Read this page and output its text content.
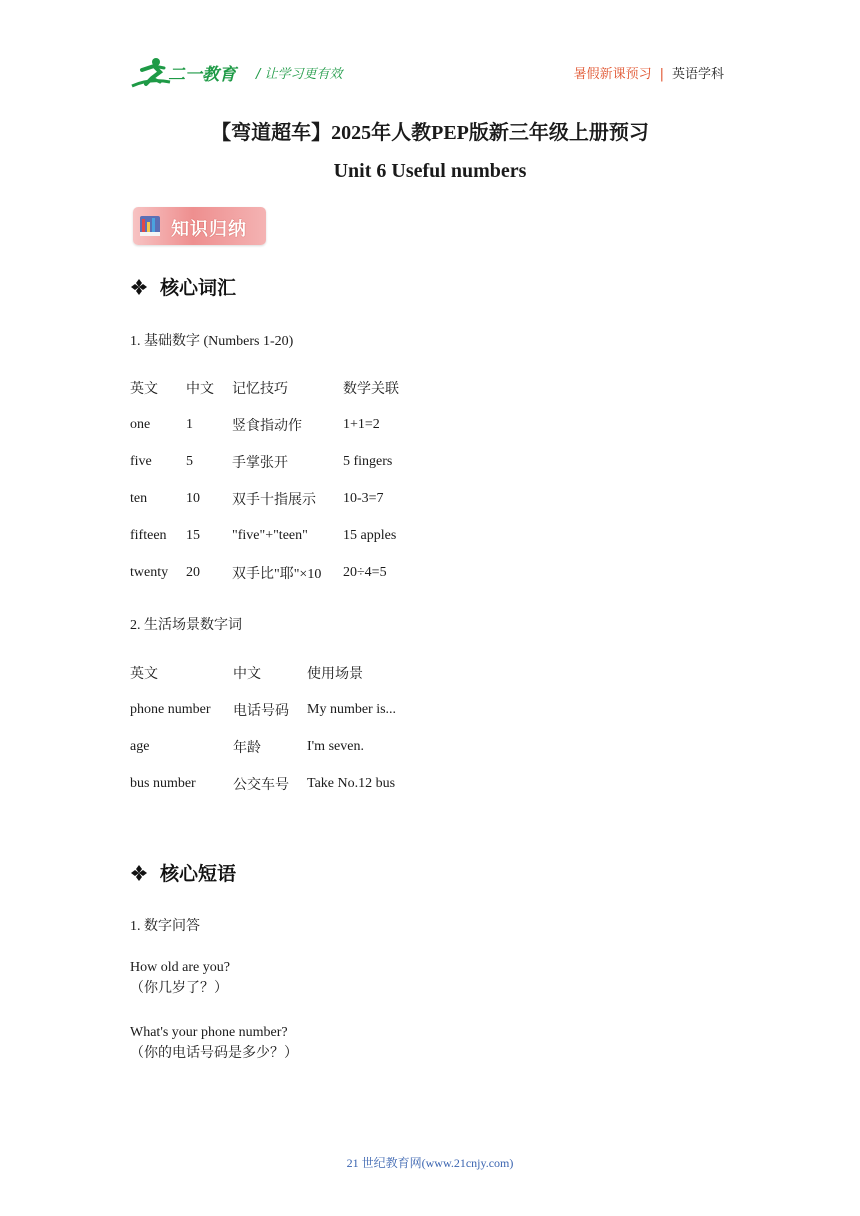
二一教育 / 让学习更有效	暑假新课预习 | 英语学科
【弯道超车】2025年人教PEP版新三年级上册预习
Unit 6 Useful numbers
知识归纳
核心词汇
1. 基础数字 (Numbers 1-20)
英文	中文	记忆技巧	数学关联
one	1	竖食指动作	1+1=2
five	5	手掌张开	5 fingers
ten	10	双手十指展示	10-3=7
fifteen	15	"five"+"teen"	15 apples
twenty	20	双手比"耶"×10	20÷4=5
2. 生活场景数字词
英文	中文	使用场景
phone number	电话号码	My number is...
age	年龄	I'm seven.
bus number	公交车号	Take No.12 bus
核心短语
1. 数字问答
How old are you?
（你几岁了？）
What's your phone number?
（你的电话号码是多少？）
21 世纪教育网(www.21cnjy.com)
